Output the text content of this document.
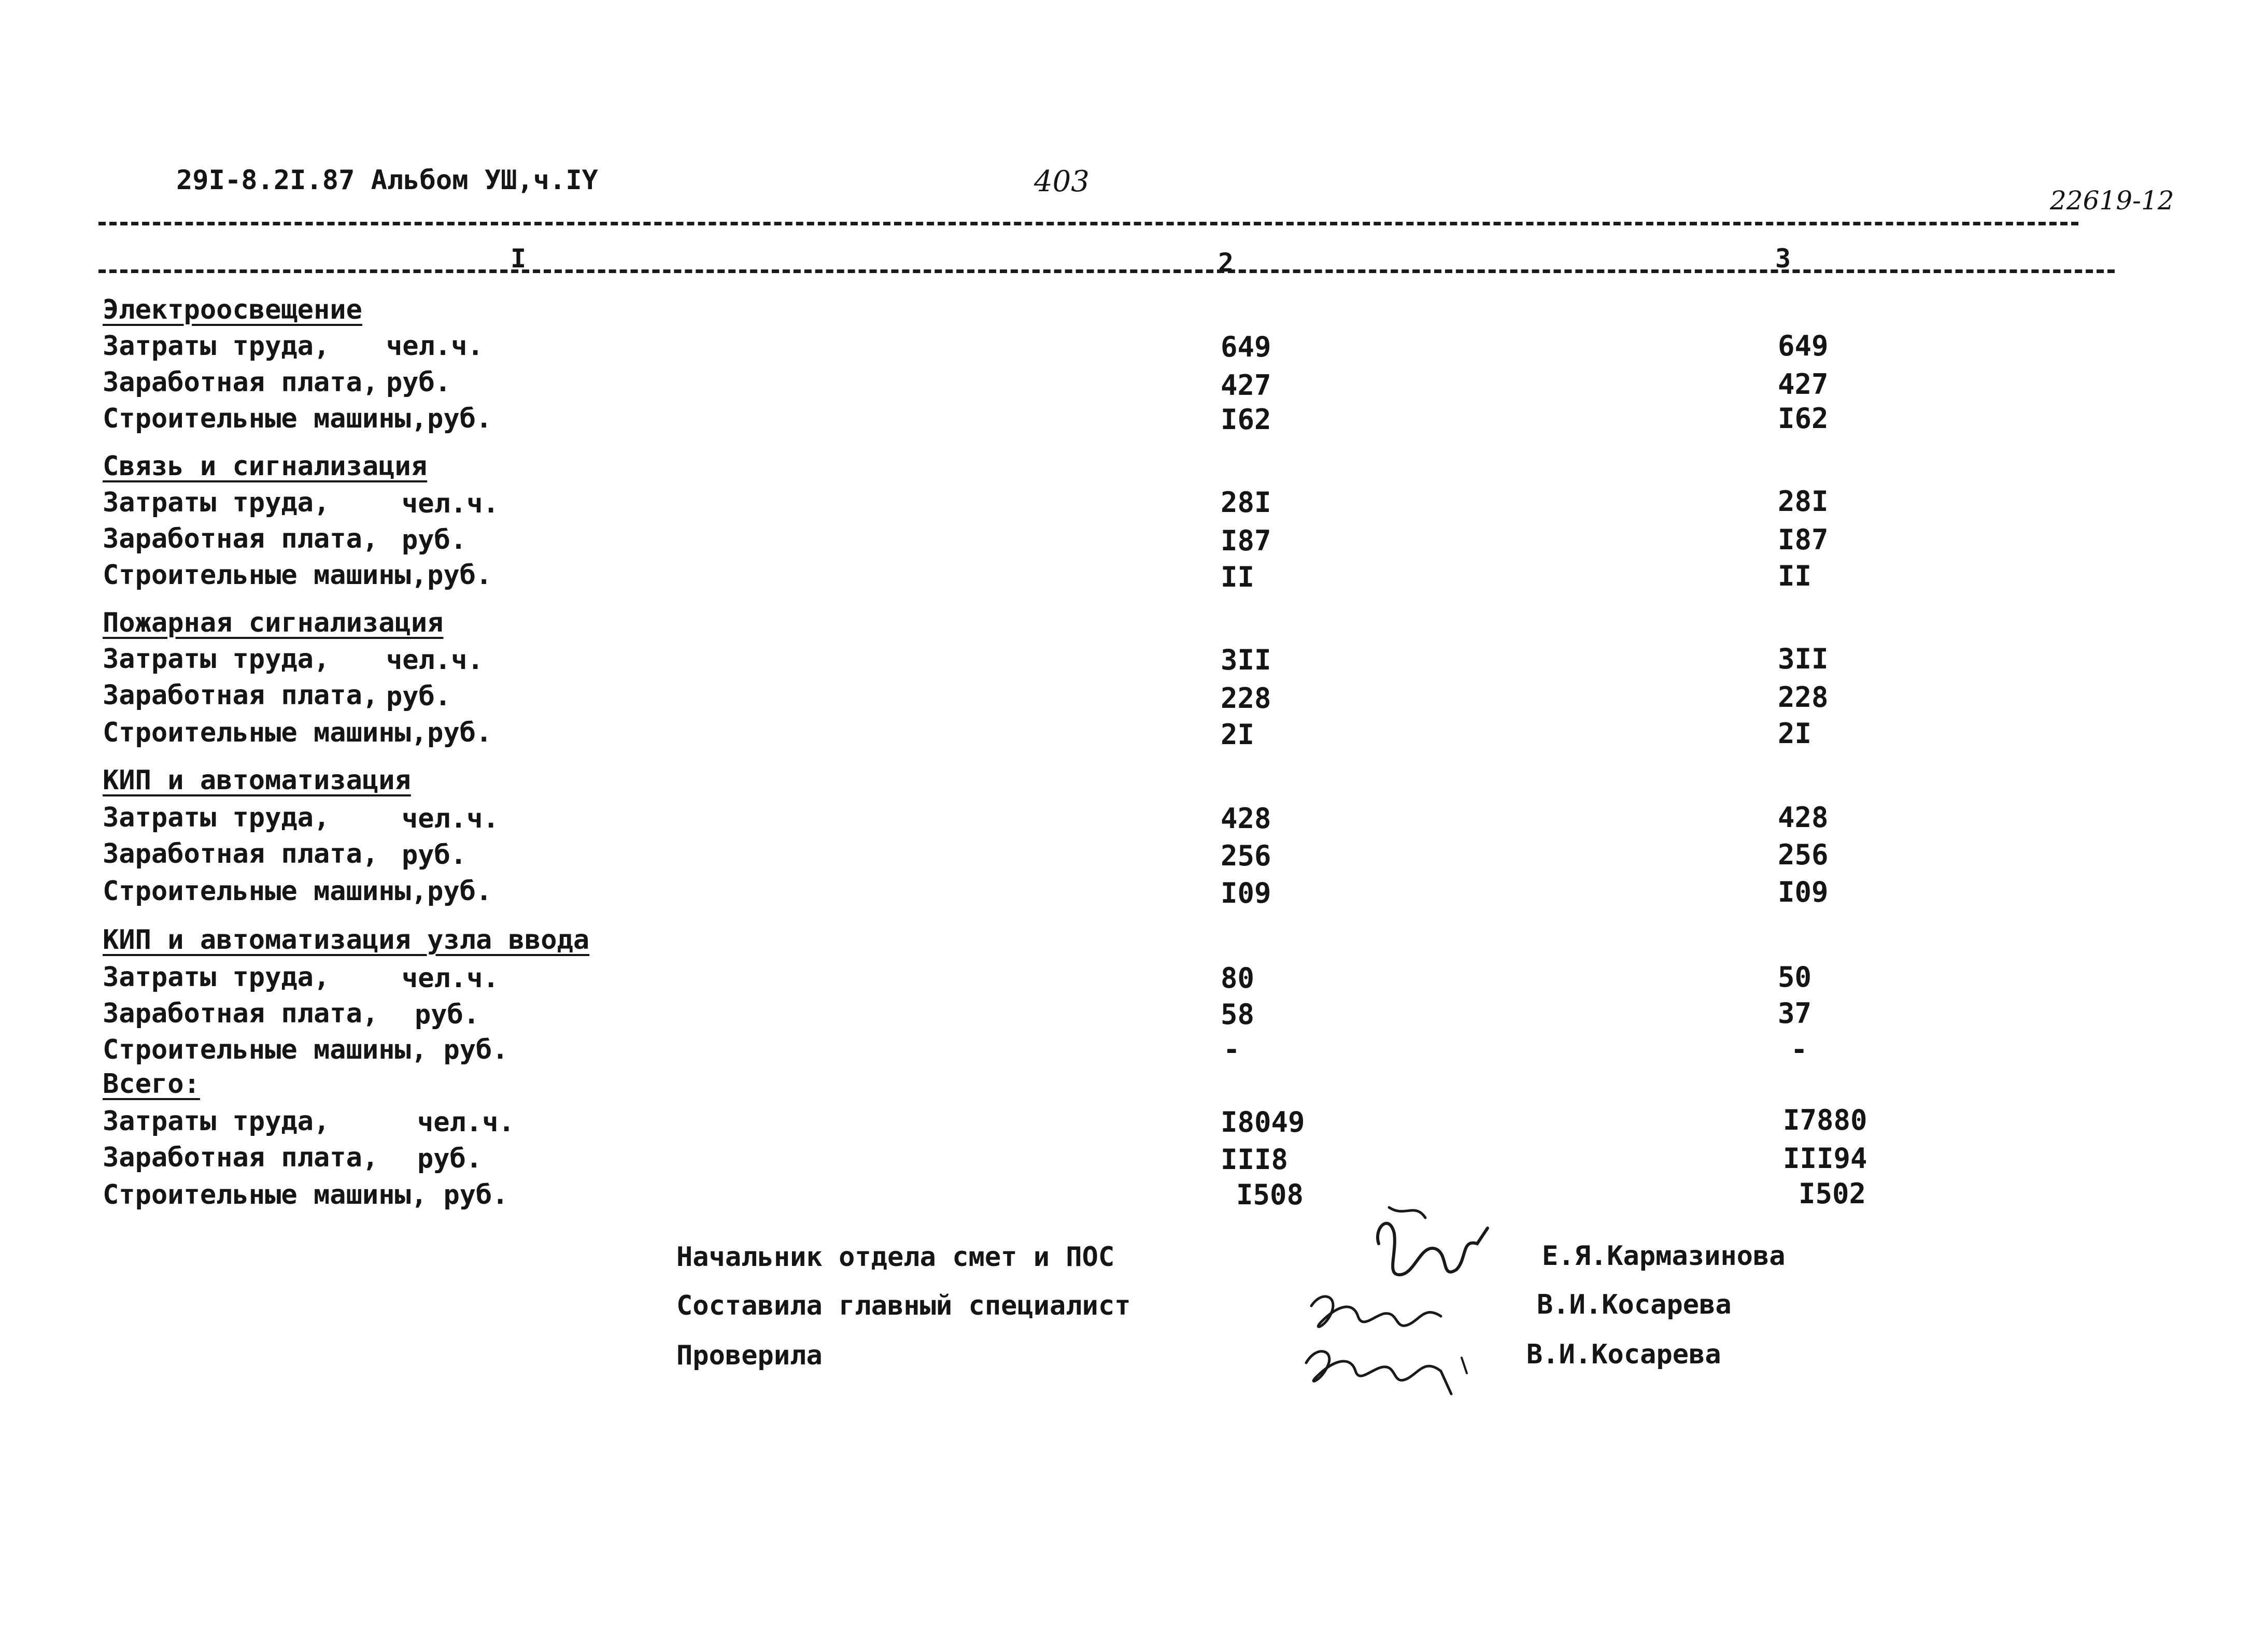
29I-8.2I.87 Альбом УШ,ч.IY	403
22619-12
I	2	3
Электроосвещение
Затраты труда, чел.ч.	649	649
Заработная плата, руб.	427	427
Строительные машины,руб.	I62	I62
Связь и сигнализация
Затраты труда,	чел.ч.	28I	28I
Заработная плата, руб.	I87	I87
Строительные машины,руб.	II	II
Пожарная сигнализация
Затраты труда, чел.ч.	3II	3II
Заработная плата, руб.	228	228
Строительные машины,руб.	2I	2I
КИП и автоматизация
Затраты труда,	чел.ч.	428	428
Заработная плата, руб.	256	256
Строительные машины,руб.	I09	I09
КИП и автоматизация узла ввода
Затраты труда,	чел.ч.	80	50
Заработная плата, руб.	58	37
Строительные машины, руб.	-	-
Всего:
Затраты труда,	чел.ч.	I8049	I7880
Заработная плата, руб.	III8	III94
Строительные машины, руб.	I508	I502
Начальник отдела смет и ПОС	Е.Я.Кармазинова
Составила главный специалист	В.И.Косарева
Проверила	В.И.Косарева
